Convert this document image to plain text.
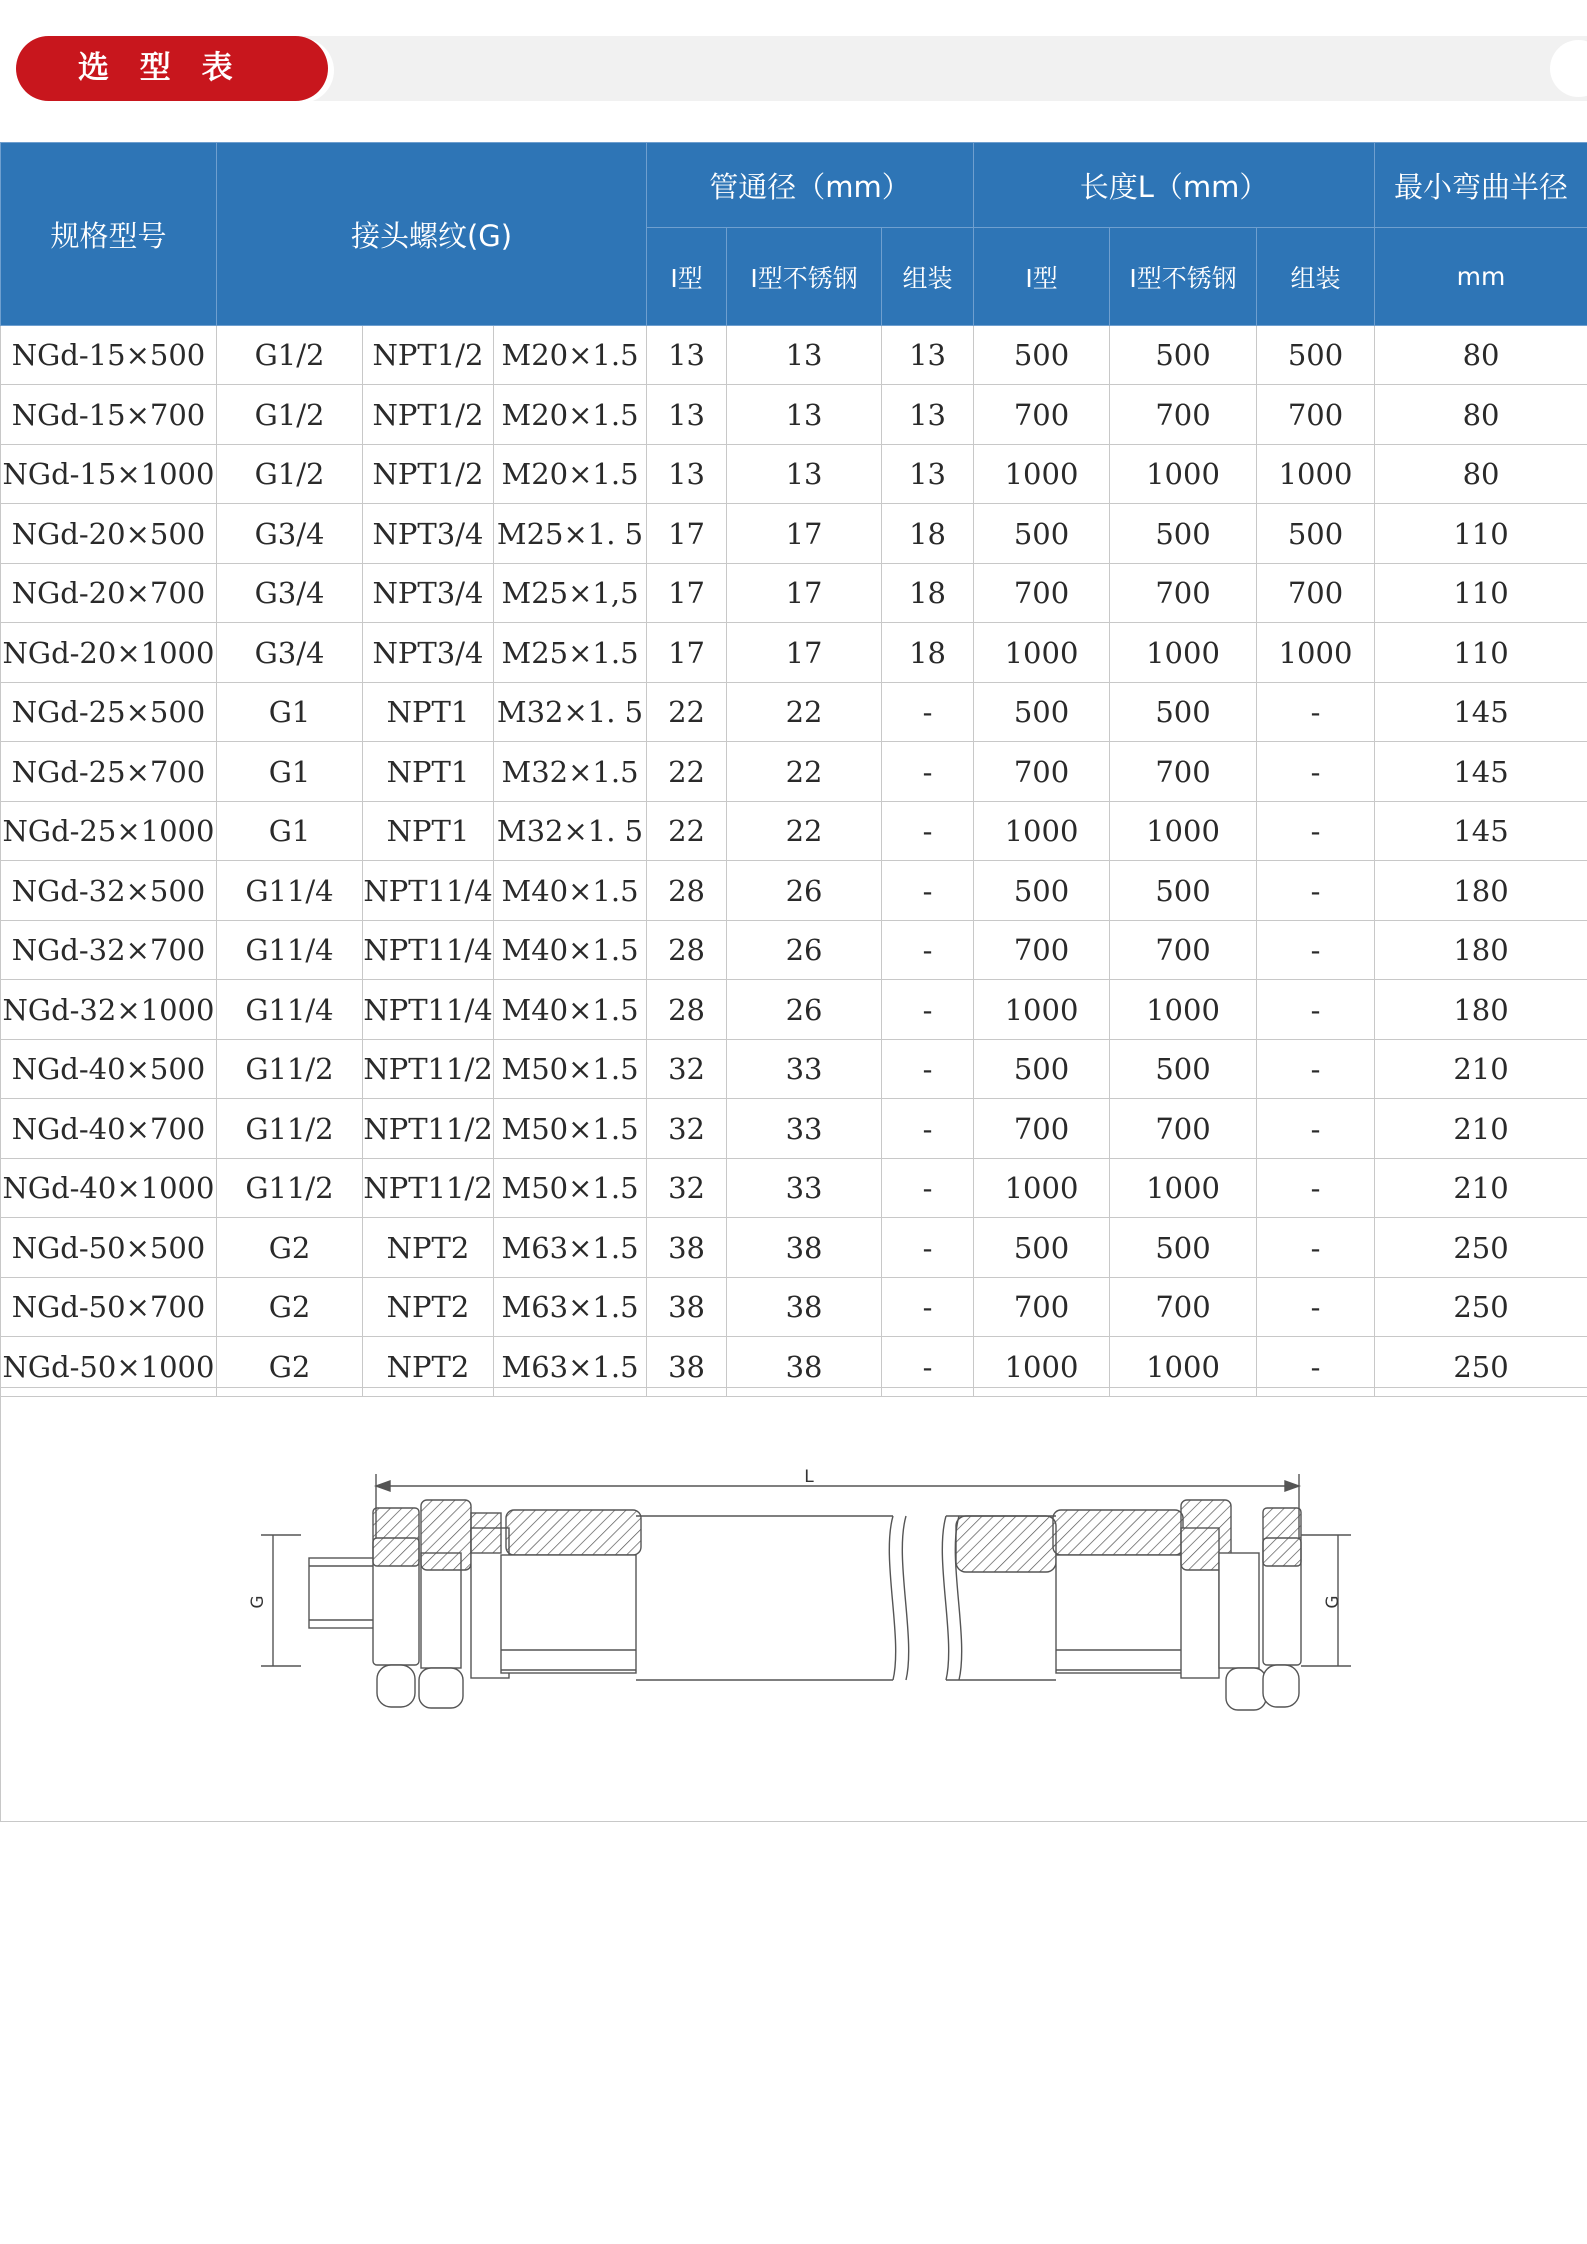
选 型 表
规格型号	接头螺纹(G)			管通径（mm）			长度L（mm）			最小弯曲半径
				Ⅰ型	Ⅰ型不锈钢	组装	Ⅰ型	Ⅰ型不锈钢	组装	mm
NGd-15×500	G1/2	NPT1/2	M20×1.5	13	13	13	500	500	500	80
NGd-15×700	G1/2	NPT1/2	M20×1.5	13	13	13	700	700	700	80
NGd-15×1000	G1/2	NPT1/2	M20×1.5	13	13	13	1000	1000	1000	80
NGd-20×500	G3/4	NPT3/4	M25×1. 5	17	17	18	500	500	500	110
NGd-20×700	G3/4	NPT3/4	M25×1,5	17	17	18	700	700	700	110
NGd-20×1000	G3/4	NPT3/4	M25×1.5	17	17	18	1000	1000	1000	110
NGd-25×500	G1	NPT1	M32×1. 5	22	22	-	500	500	-	145
NGd-25×700	G1	NPT1	M32×1.5	22	22	-	700	700	-	145
NGd-25×1000	G1	NPT1	M32×1. 5	22	22	-	1000	1000	-	145
NGd-32×500	G11/4	NPT11/4	M40×1.5	28	26	-	500	500	-	180
NGd-32×700	G11/4	NPT11/4	M40×1.5	28	26	-	700	700	-	180
NGd-32×1000	G11/4	NPT11/4	M40×1.5	28	26	-	1000	1000	-	180
NGd-40×500	G11/2	NPT11/2	M50×1.5	32	33	-	500	500	-	210
NGd-40×700	G11/2	NPT11/2	M50×1.5	32	33	-	700	700	-	210
NGd-40×1000	G11/2	NPT11/2	M50×1.5	32	33	-	1000	1000	-	210
NGd-50×500	G2	NPT2	M63×1.5	38	38	-	500	500	-	250
NGd-50×700	G2	NPT2	M63×1.5	38	38	-	700	700	-	250
NGd-50×1000	G2	NPT2	M63×1.5	38	38	-	1000	1000	-	250
L
G	G
